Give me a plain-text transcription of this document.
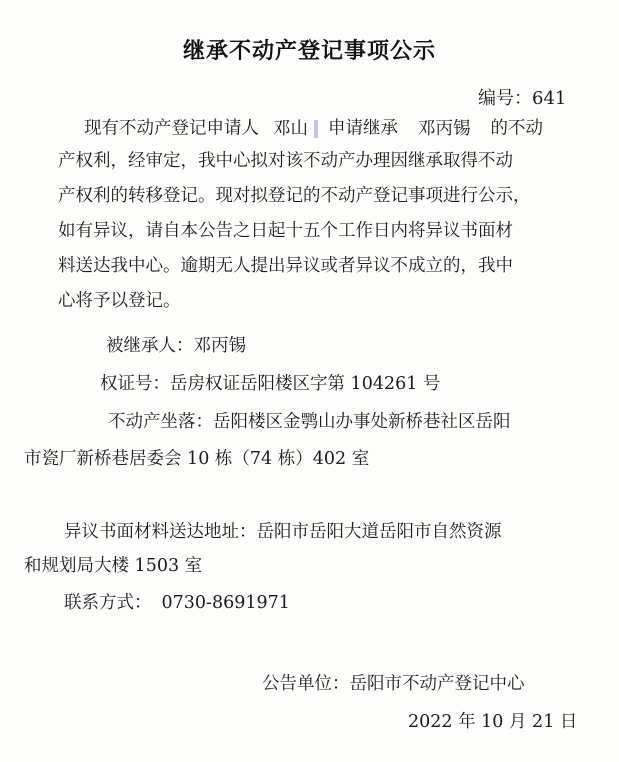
继承不动产登记事项公示
编号：641
现有不动产登记申请人 邓山 申请继承 邓丙锡 的不动
产权利，经审定，我中心拟对该不动产办理因继承取得不动
产权利的转移登记。现对拟登记的不动产登记事项进行公示，
如有异议，请自本公告之日起十五个工作日内将异议书面材
料送达我中心。逾期无人提出异议或者异议不成立的，我中
心将予以登记。
被继承人：邓丙锡
权证号：岳房权证岳阳楼区字第 104261 号
不动产坐落：岳阳楼区金鹗山办事处新桥巷社区岳阳
市瓷厂新桥巷居委会 10 栋（74 栋）402 室
异议书面材料送达地址：岳阳市岳阳大道岳阳市自然资源
和规划局大楼 1503 室
联系方式： 0730-8691971
公告单位：岳阳市不动产登记中心
2022 年 10 月 21 日
